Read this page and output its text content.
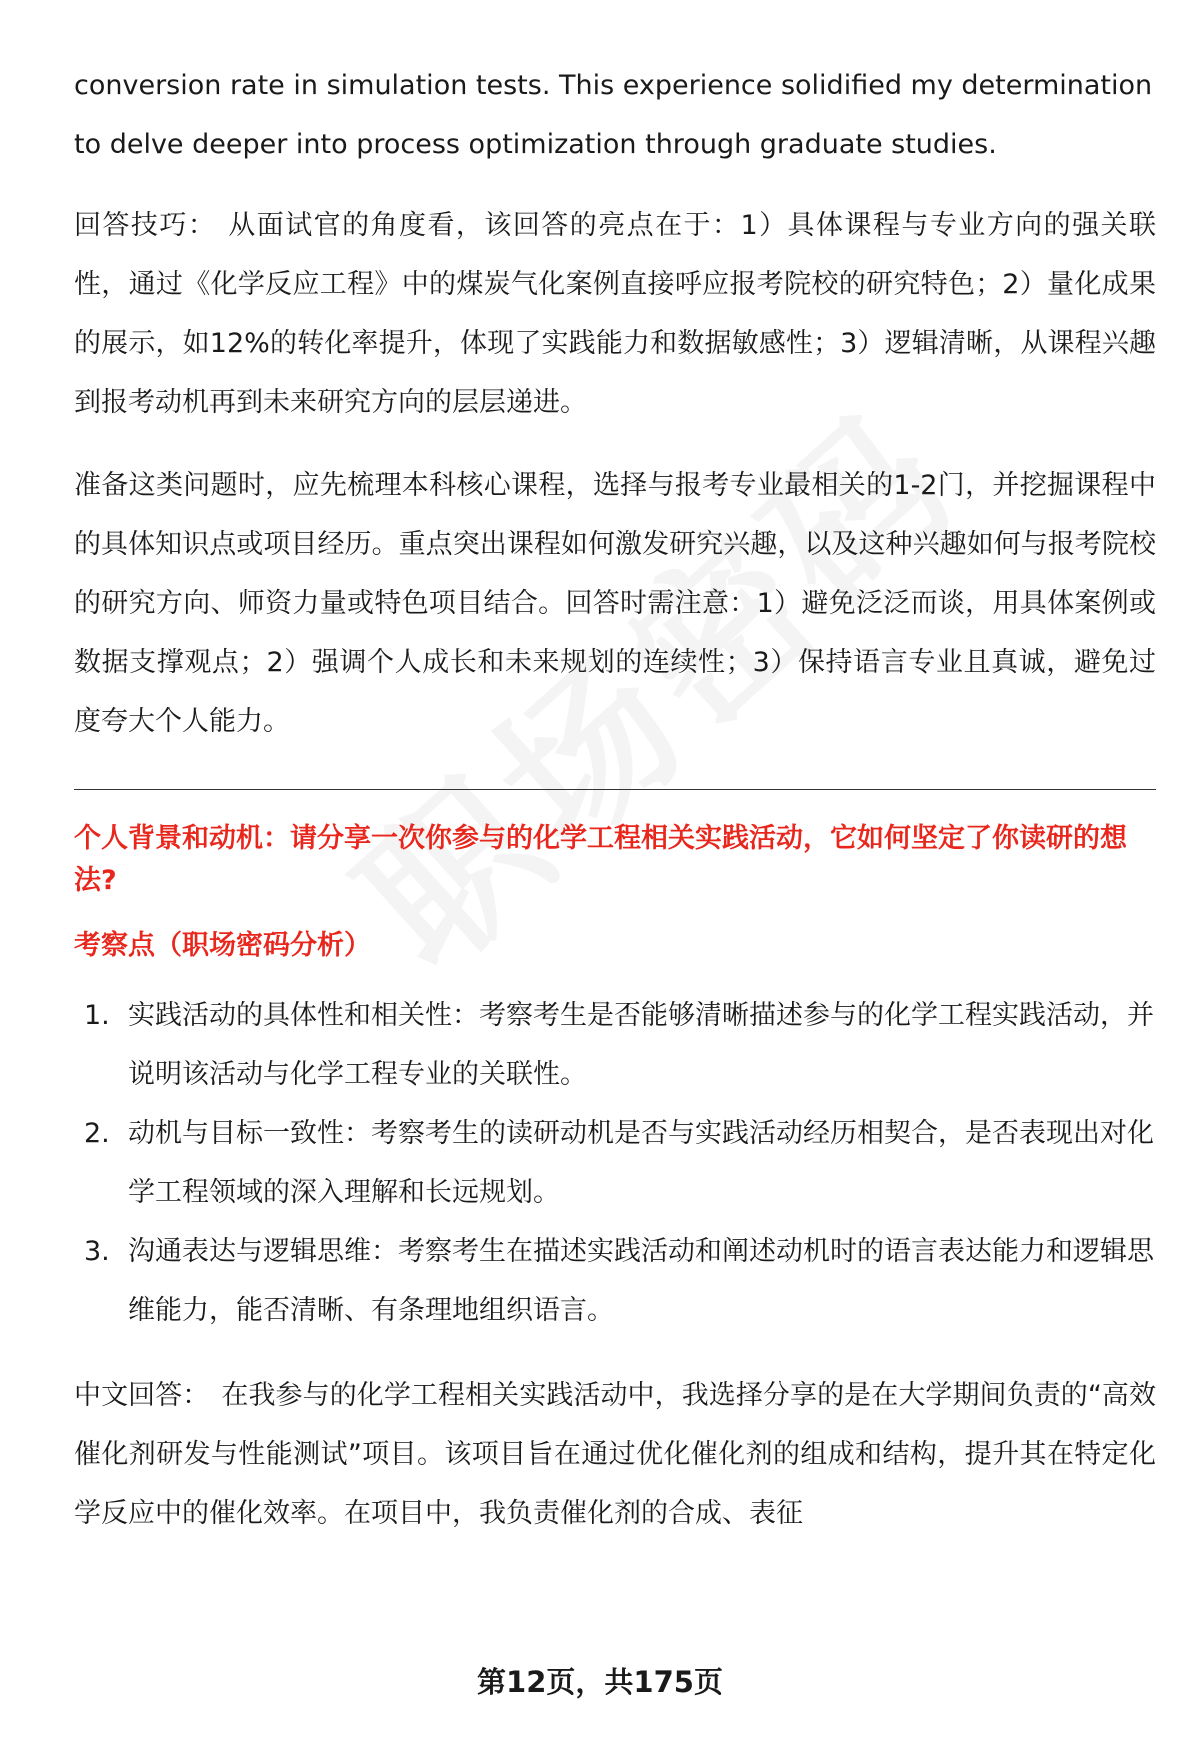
conversion rate in simulation tests. This experience solidified my determination to delve deeper into process optimization through graduate studies.

回答技巧： 从面试官的角度看，该回答的亮点在于：1）具体课程与专业方向的强关联性，通过《化学反应工程》中的煤炭气化案例直接呼应报考院校的研究特色；2）量化成果的展示，如12%的转化率提升，体现了实践能力和数据敏感性；3）逻辑清晰，从课程兴趣到报考动机再到未来研究方向的层层递进。

准备这类问题时，应先梳理本科核心课程，选择与报考专业最相关的1-2门，并挖掘课程中的具体知识点或项目经历。重点突出课程如何激发研究兴趣，以及这种兴趣如何与报考院校的研究方向、师资力量或特色项目结合。回答时需注意：1）避免泛泛而谈，用具体案例或数据支撑观点；2）强调个人成长和未来规划的连续性；3）保持语言专业且真诚，避免过度夸大个人能力。

个人背景和动机：请分享一次你参与的化学工程相关实践活动，它如何坚定了你读研的想法?
考察点（职场密码分析）
1. 实践活动的具体性和相关性：考察考生是否能够清晰描述参与的化学工程实践活动，并说明该活动与化学工程专业的关联性。
2. 动机与目标一致性：考察考生的读研动机是否与实践活动经历相契合，是否表现出对化学工程领域的深入理解和长远规划。
3. 沟通表达与逻辑思维：考察考生在描述实践活动和阐述动机时的语言表达能力和逻辑思维能力，能否清晰、有条理地组织语言。

中文回答： 在我参与的化学工程相关实践活动中，我选择分享的是在大学期间负责的“高效催化剂研发与性能测试”项目。该项目旨在通过优化催化剂的组成和结构，提升其在特定化学反应中的催化效率。在项目中，我负责催化剂的合成、表征

第12页，共175页
